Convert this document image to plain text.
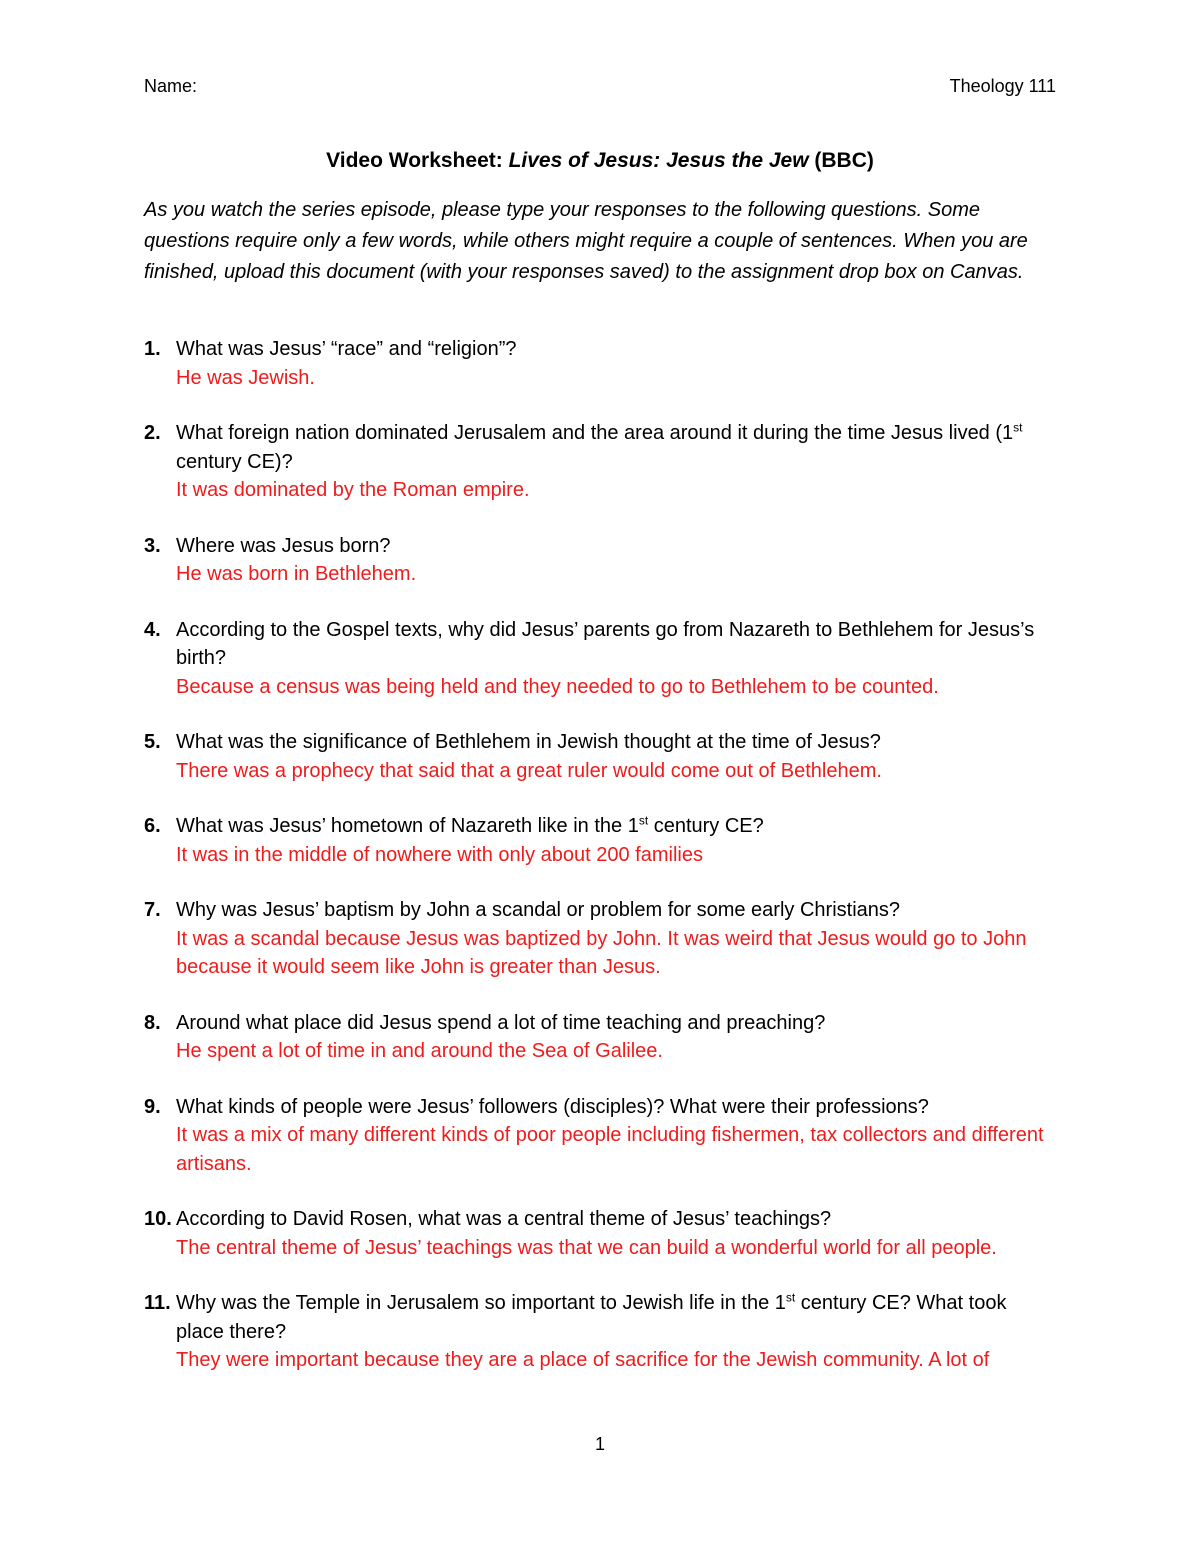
Name:	Theology 111
Video Worksheet: Lives of Jesus: Jesus the Jew (BBC)

As you watch the series episode, please type your responses to the following questions. Some questions require only a few words, while others might require a couple of sentences. When you are finished, upload this document (with your responses saved) to the assignment drop box on Canvas.

1. What was Jesus’ “race” and “religion”?
He was Jewish.
2. What foreign nation dominated Jerusalem and the area around it during the time Jesus lived (1st century CE)?
It was dominated by the Roman empire.
3. Where was Jesus born?
He was born in Bethlehem.
4. According to the Gospel texts, why did Jesus’ parents go from Nazareth to Bethlehem for Jesus’s birth?
Because a census was being held and they needed to go to Bethlehem to be counted.
5. What was the significance of Bethlehem in Jewish thought at the time of Jesus?
There was a prophecy that said that a great ruler would come out of Bethlehem.
6. What was Jesus’ hometown of Nazareth like in the 1st century CE?
It was in the middle of nowhere with only about 200 families
7. Why was Jesus’ baptism by John a scandal or problem for some early Christians?
It was a scandal because Jesus was baptized by John. It was weird that Jesus would go to John because it would seem like John is greater than Jesus.
8. Around what place did Jesus spend a lot of time teaching and preaching?
He spent a lot of time in and around the Sea of Galilee.
9. What kinds of people were Jesus’ followers (disciples)? What were their professions?
It was a mix of many different kinds of poor people including fishermen, tax collectors and different artisans.
10. According to David Rosen, what was a central theme of Jesus’ teachings?
The central theme of Jesus’ teachings was that we can build a wonderful world for all people.
11. Why was the Temple in Jerusalem so important to Jewish life in the 1st century CE? What took place there?
They were important because they are a place of sacrifice for the Jewish community. A lot of
1
